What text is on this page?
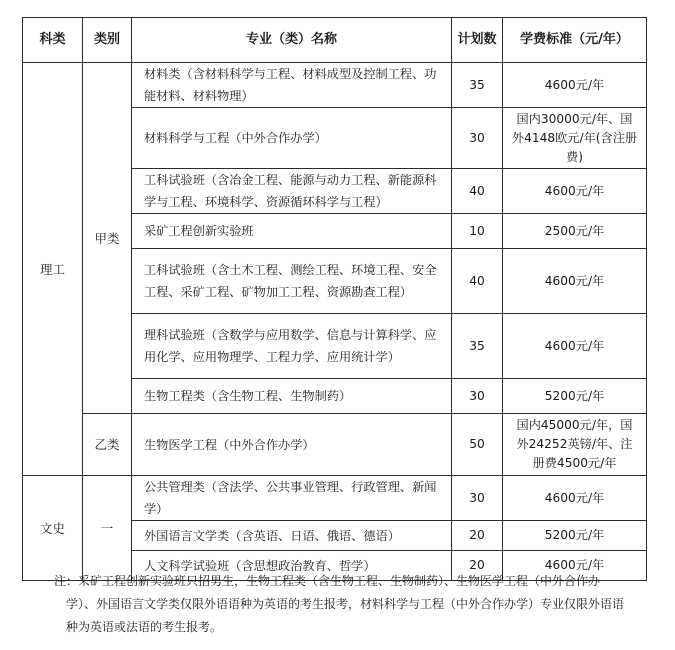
科类	类别	专业（类）名称	计划数	学费标准（元/年）
理工	甲类	材料类（含材料科学与工程、材料成型及控制工程、功能材料、材料物理）	35	4600元/年
		材料科学与工程（中外合作办学）	30	国内30000元/年、国外4148欧元/年(含注册费)
		工科试验班（含冶金工程、能源与动力工程、新能源科学与工程、环境科学、资源循环科学与工程）	40	4600元/年
		采矿工程创新实验班	10	2500元/年
		工科试验班（含土木工程、测绘工程、环境工程、安全工程、采矿工程、矿物加工工程、资源勘查工程）	40	4600元/年
		理科试验班（含数学与应用数学、信息与计算科学、应用化学、应用物理学、工程力学、应用统计学）	35	4600元/年
		生物工程类（含生物工程、生物制药）	30	5200元/年
	乙类	生物医学工程（中外合作办学）	50	国内45000元/年，国外24252英镑/年、注册费4500元/年
文史	一	公共管理类（含法学、公共事业管理、行政管理、新闻学）	30	4600元/年
		外国语言文学类（含英语、日语、俄语、德语）	20	5200元/年
		人文科学试验班（含思想政治教育、哲学）	20	4600元/年
注：采矿工程创新实验班只招男生，生物工程类（含生物工程、生物制药）、生物医学工程（中外合作办学）、外国语言文学类仅限外语语种为英语的考生报考，材料科学与工程（中外合作办学）专业仅限外语语种为英语或法语的考生报考。
